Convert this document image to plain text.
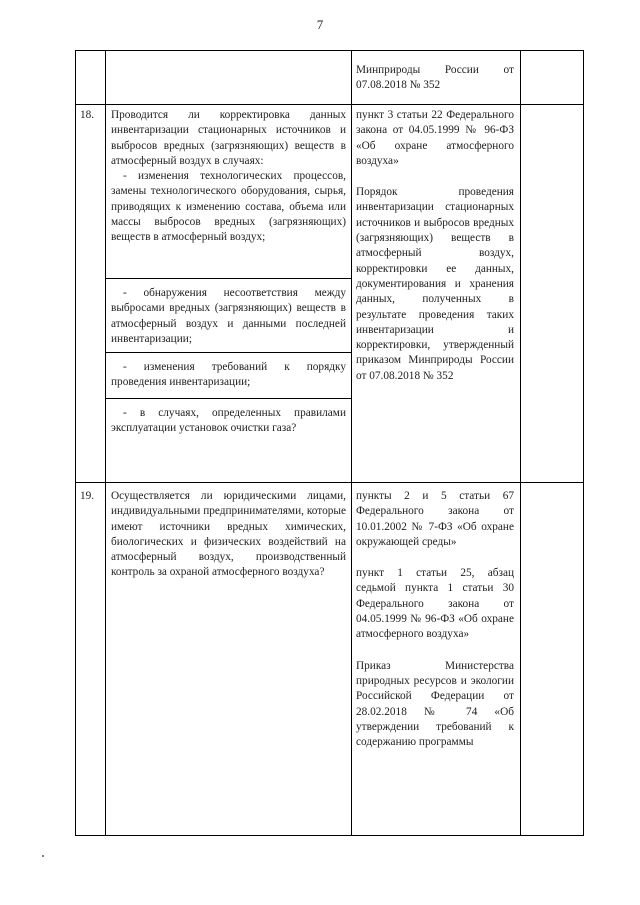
7

Минприроды России от 07.08.2018 № 352

18. Проводится ли корректировка данных инвентаризации стационарных источников и выбросов вредных (загрязняющих) веществ в атмосферный воздух в случаях:

- изменения технологических процессов, замены технологического оборудования, сырья, приводящих к изменению состава, объема или массы выбросов вредных (загрязняющих) веществ в атмосферный воздух;

- обнаружения несоответствия между выбросами вредных (загрязняющих) веществ в атмосферный воздух и данными последней инвентаризации;

- изменения требований к порядку проведения инвентаризации;

- в случаях, определенных правилами эксплуатации установок очистки газа?

пункт 3 статьи 22 Федерального закона от 04.05.1999 № 96-ФЗ «Об охране атмосферного воздуха»

Порядок проведения инвентаризации стационарных источников и выбросов вредных (загрязняющих) веществ в атмосферный воздух, корректировки ее данных, документирования и хранения данных, полученных в результате проведения таких инвентаризации и корректировки, утвержденный приказом Минприроды России от 07.08.2018 № 352

19. Осуществляется ли юридическими лицами, индивидуальными предпринимателями, которые имеют источники вредных химических, биологических и физических воздействий на атмосферный воздух, производственный контроль за охраной атмосферного воздуха?

пункты 2 и 5 статьи 67 Федерального закона от 10.01.2002 № 7-ФЗ «Об охране окружающей среды»

пункт 1 статьи 25, абзац седьмой пункта 1 статьи 30 Федерального закона от 04.05.1999 № 96-ФЗ «Об охране атмосферного воздуха»

Приказ Министерства природных ресурсов и экологии Российской Федерации от 28.02.2018 № 74 «Об утверждении требований к содержанию программы
